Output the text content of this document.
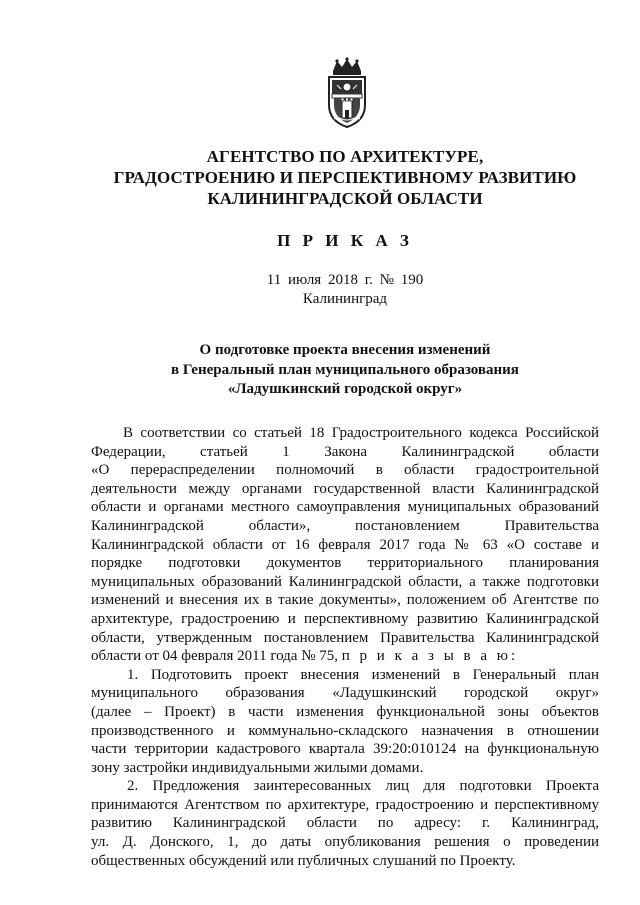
АГЕНТСТВО ПО АРХИТЕКТУРЕ,
ГРАДОСТРОЕНИЮ И ПЕРСПЕКТИВНОМУ РАЗВИТИЮ
КАЛИНИНГРАДСКОЙ ОБЛАСТИ
П Р И К А З
11 июля 2018 г. № 190
Калининград
О подготовке проекта внесения изменений
в Генеральный план муниципального образования
«Ладушкинский городской округ»
В соответствии со статьей 18 Градостроительного кодекса Российской
Федерации, статьей 1 Закона Калининградской области
«О перераспределении полномочий в области градостроительной
деятельности между органами государственной власти Калининградской
области и органами местного самоуправления муниципальных образований
Калининградской области», постановлением Правительства
Калининградской области от 16 февраля 2017 года № 63 «О составе и
порядке подготовки документов территориального планирования
муниципальных образований Калининградской области, а также подготовки
изменений и внесения их в такие документы», положением об Агентстве по
архитектуре, градостроению и перспективному развитию Калининградской
области, утвержденным постановлением Правительства Калининградской
области от 04 февраля 2011 года № 75, п р и к а з ы в а ю:
1. Подготовить проект внесения изменений в Генеральный план
муниципального образования «Ладушкинский городской округ»
(далее – Проект) в части изменения функциональной зоны объектов
производственного и коммунально-складского назначения в отношении
части территории кадастрового квартала 39:20:010124 на функциональную
зону застройки индивидуальными жилыми домами.
2. Предложения заинтересованных лиц для подготовки Проекта
принимаются Агентством по архитектуре, градостроению и перспективному
развитию Калининградской области по адресу: г. Калининград,
ул. Д. Донского, 1, до даты опубликования решения о проведении
общественных обсуждений или публичных слушаний по Проекту.
